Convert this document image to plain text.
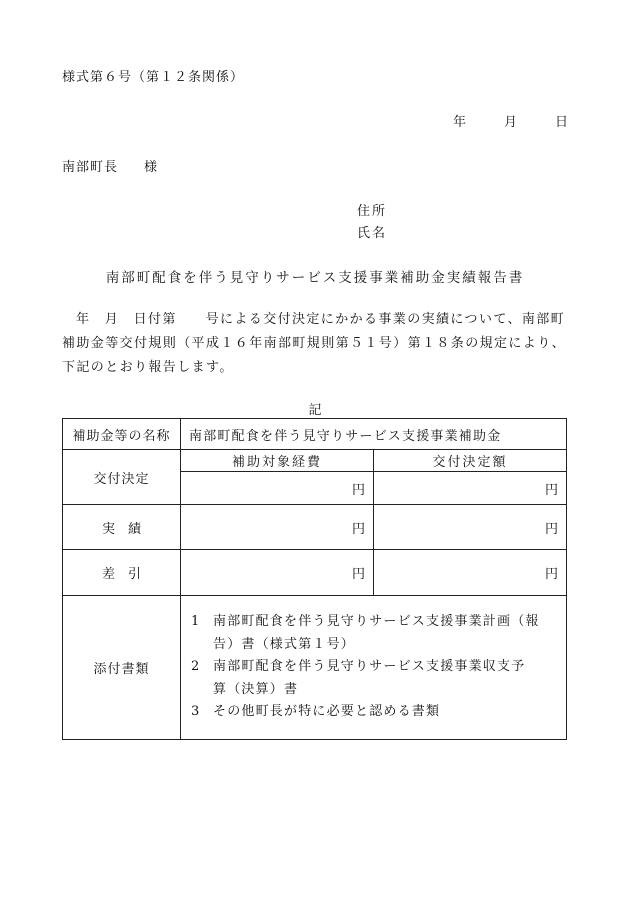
様式第６号（第１２条関係）
年	月	日
南部町長 様
住所
氏名
南部町配食を伴う見守りサービス支援事業補助金実績報告書
年　月　日付第　　号による交付決定にかかる事業の実績について、南部町補助金等交付規則（平成１６年南部町規則第５１号）第１８条の規定により、下記のとおり報告します。
記
補助金等の名称	南部町配食を伴う見守りサービス支援事業補助金	
交付決定	補助対象経費	交付決定額
	円	円
実　績	円	円
差　引	円	円
添付書類	1 南部町配食を伴う見守りサービス支援事業計画（報告）書（様式第１号）
2 南部町配食を伴う見守りサービス支援事業収支予算（決算）書
3 その他町長が特に必要と認める書類	
